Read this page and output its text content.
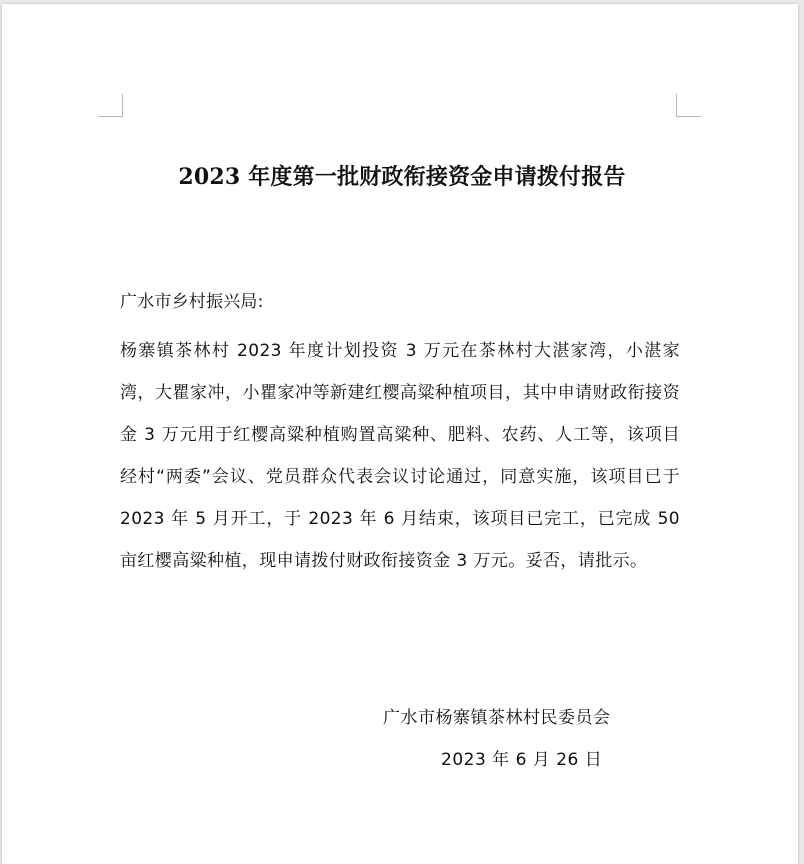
2023 年度第一批财政衔接资金申请拨付报告
广水市乡村振兴局:
杨寨镇茶林村 2023 年度计划投资 3 万元在茶林村大湛家湾，小湛家湾，大瞿家冲，小瞿家冲等新建红樱高粱种植项目，其中申请财政衔接资金 3 万元用于红樱高粱种植购置高粱种、肥料、农药、人工等，该项目经村“两委”会议、党员群众代表会议讨论通过，同意实施，该项目已于 2023 年 5 月开工，于 2023 年 6 月结束，该项目已完工，已完成 50 亩红樱高粱种植，现申请拨付财政衔接资金 3 万元。妥否，请批示。
广水市杨寨镇茶林村民委员会
2023 年 6 月 26 日
